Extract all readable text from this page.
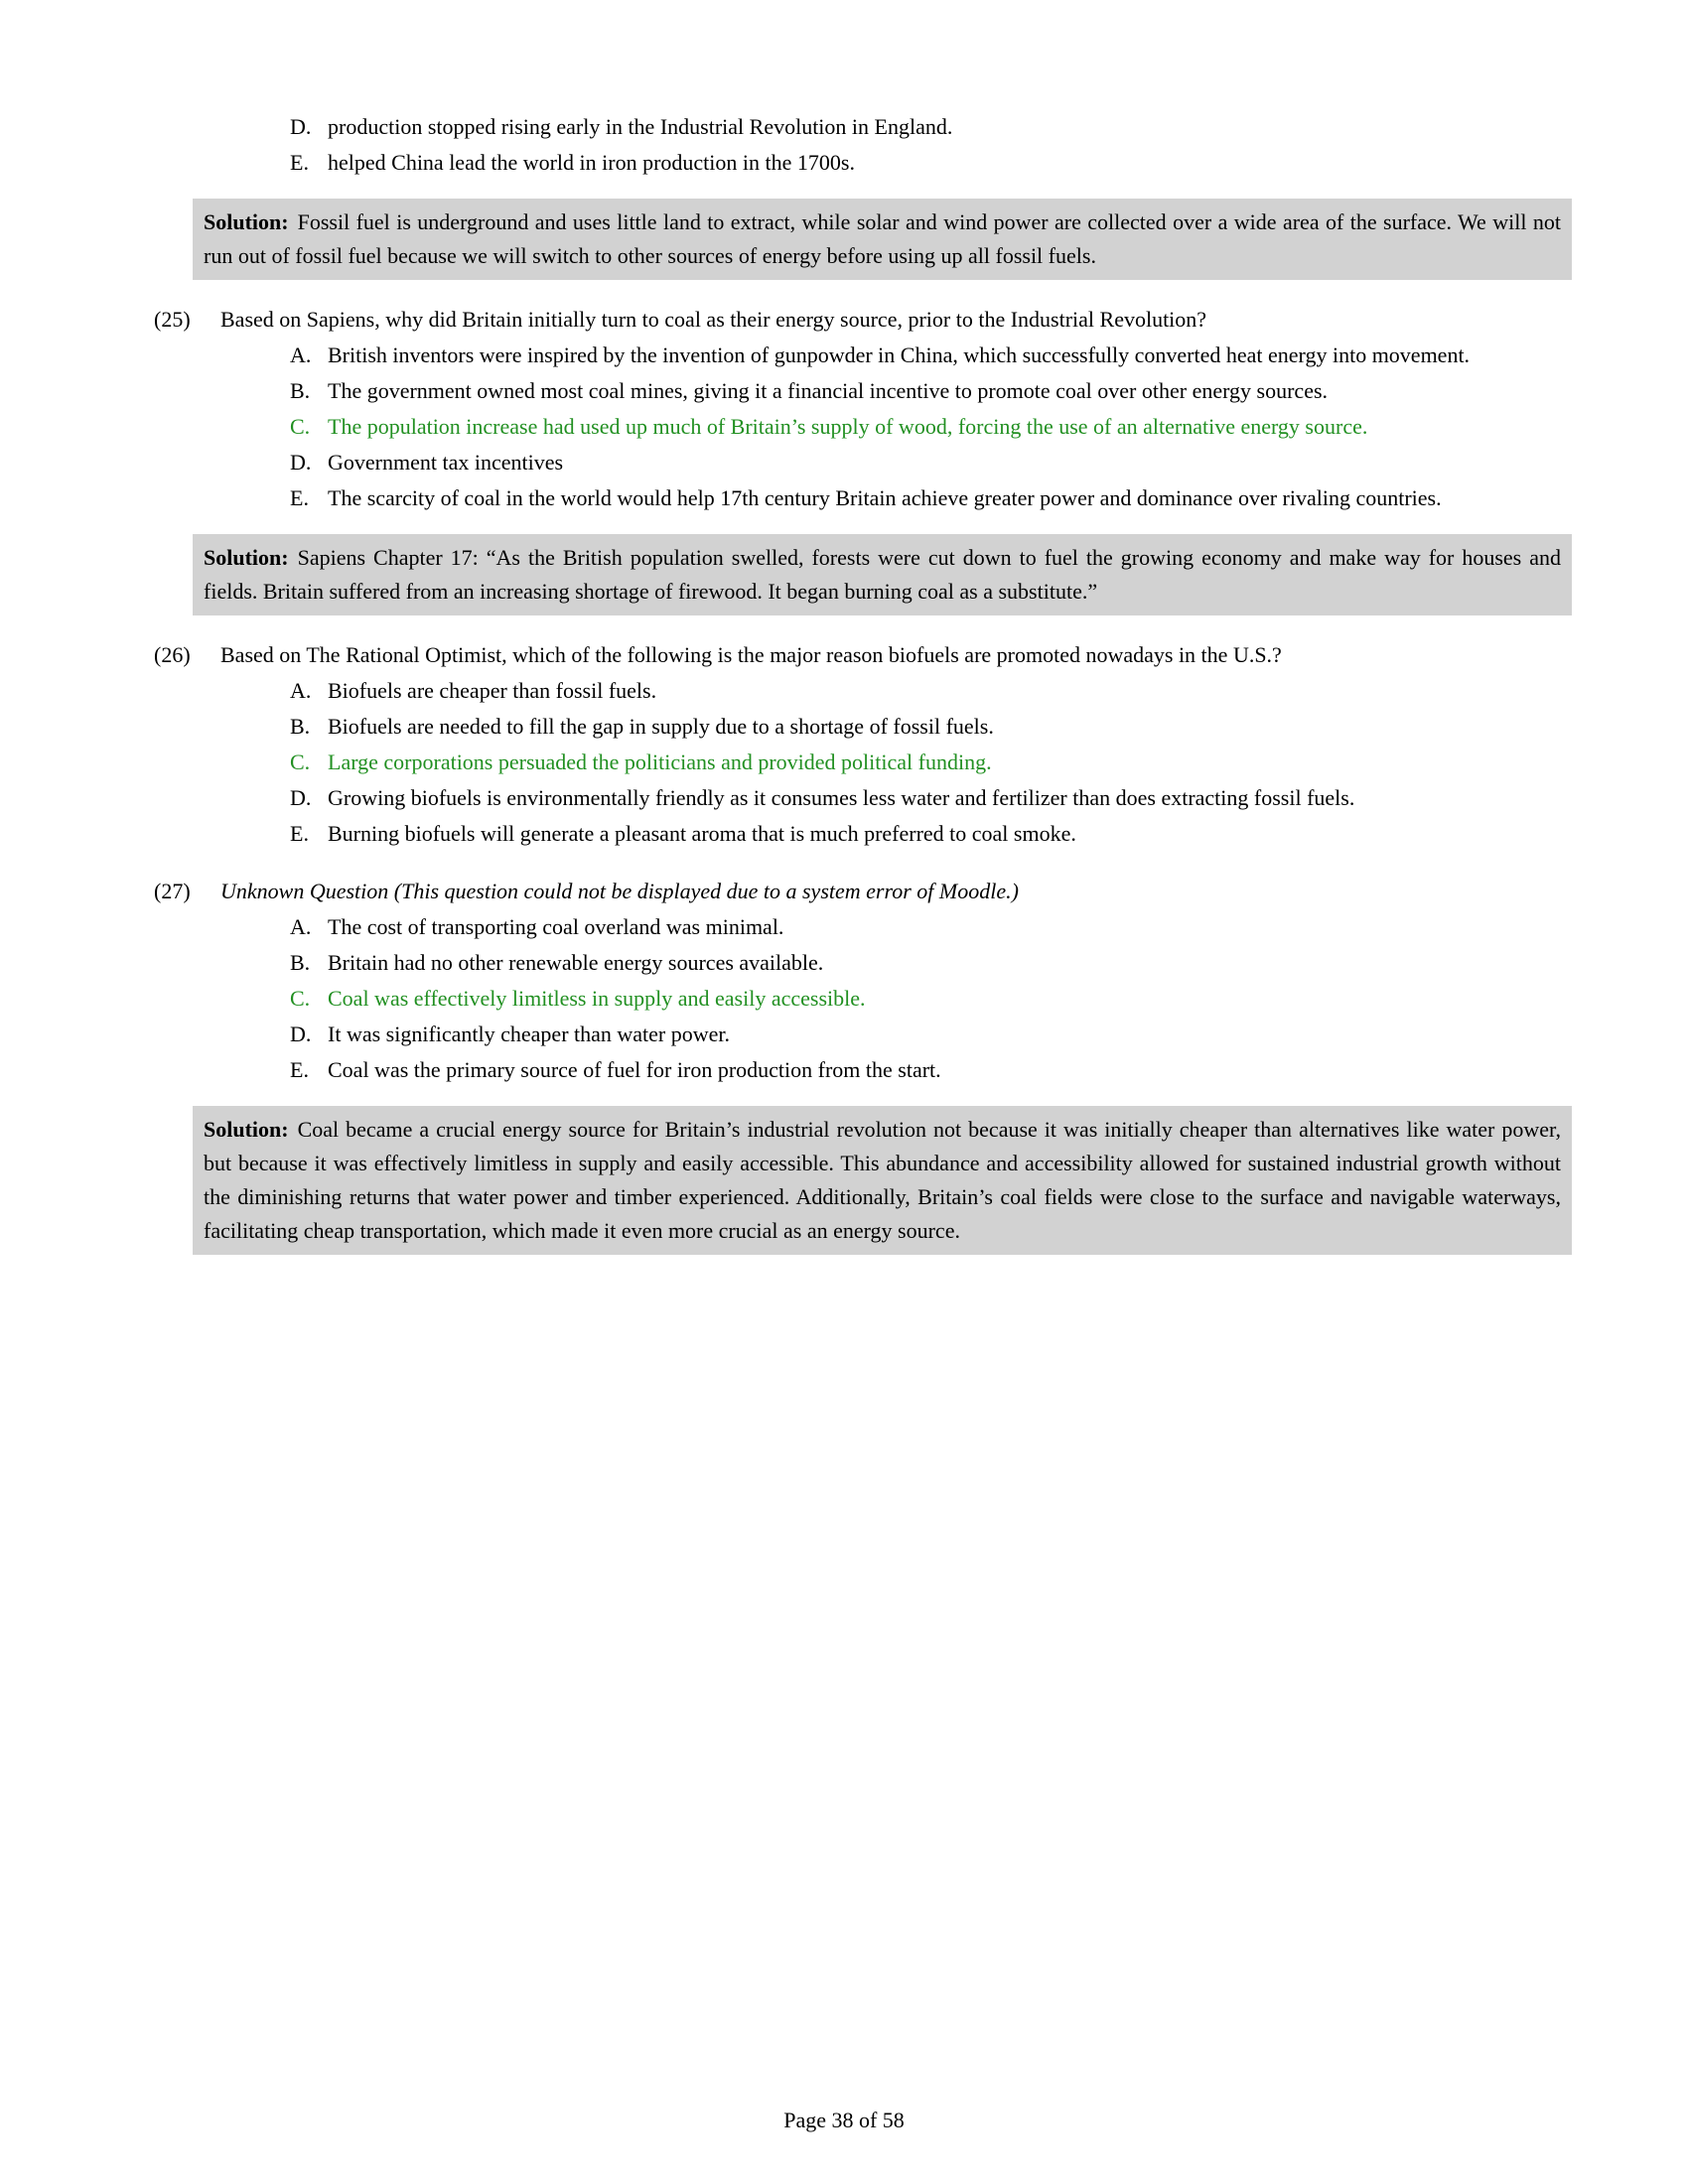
D. production stopped rising early in the Industrial Revolution in England.
E. helped China lead the world in iron production in the 1700s.
Solution: Fossil fuel is underground and uses little land to extract, while solar and wind power are collected over a wide area of the surface. We will not run out of fossil fuel because we will switch to other sources of energy before using up all fossil fuels.
(25)	Based on Sapiens, why did Britain initially turn to coal as their energy source, prior to the Industrial Revolution?
A. British inventors were inspired by the invention of gunpowder in China, which successfully converted heat energy into movement.
B. The government owned most coal mines, giving it a financial incentive to promote coal over other energy sources.
C. The population increase had used up much of Britain’s supply of wood, forcing the use of an alternative energy source.
D. Government tax incentives
E. The scarcity of coal in the world would help 17th century Britain achieve greater power and dominance over rivaling countries.
Solution: Sapiens Chapter 17: “As the British population swelled, forests were cut down to fuel the growing economy and make way for houses and fields. Britain suffered from an increasing shortage of firewood. It began burning coal as a substitute.”
(26)	Based on The Rational Optimist, which of the following is the major reason biofuels are promoted nowadays in the U.S.?
A. Biofuels are cheaper than fossil fuels.
B. Biofuels are needed to fill the gap in supply due to a shortage of fossil fuels.
C. Large corporations persuaded the politicians and provided political funding.
D. Growing biofuels is environmentally friendly as it consumes less water and fertilizer than does extracting fossil fuels.
E. Burning biofuels will generate a pleasant aroma that is much preferred to coal smoke.
(27)	Unknown Question (This question could not be displayed due to a system error of Moodle.)
A. The cost of transporting coal overland was minimal.
B. Britain had no other renewable energy sources available.
C. Coal was effectively limitless in supply and easily accessible.
D. It was significantly cheaper than water power.
E. Coal was the primary source of fuel for iron production from the start.
Solution: Coal became a crucial energy source for Britain’s industrial revolution not because it was initially cheaper than alternatives like water power, but because it was effectively limitless in supply and easily accessible. This abundance and accessibility allowed for sustained industrial growth without the diminishing returns that water power and timber experienced. Additionally, Britain’s coal fields were close to the surface and navigable waterways, facilitating cheap transportation, which made it even more crucial as an energy source.
Page 38 of 58
